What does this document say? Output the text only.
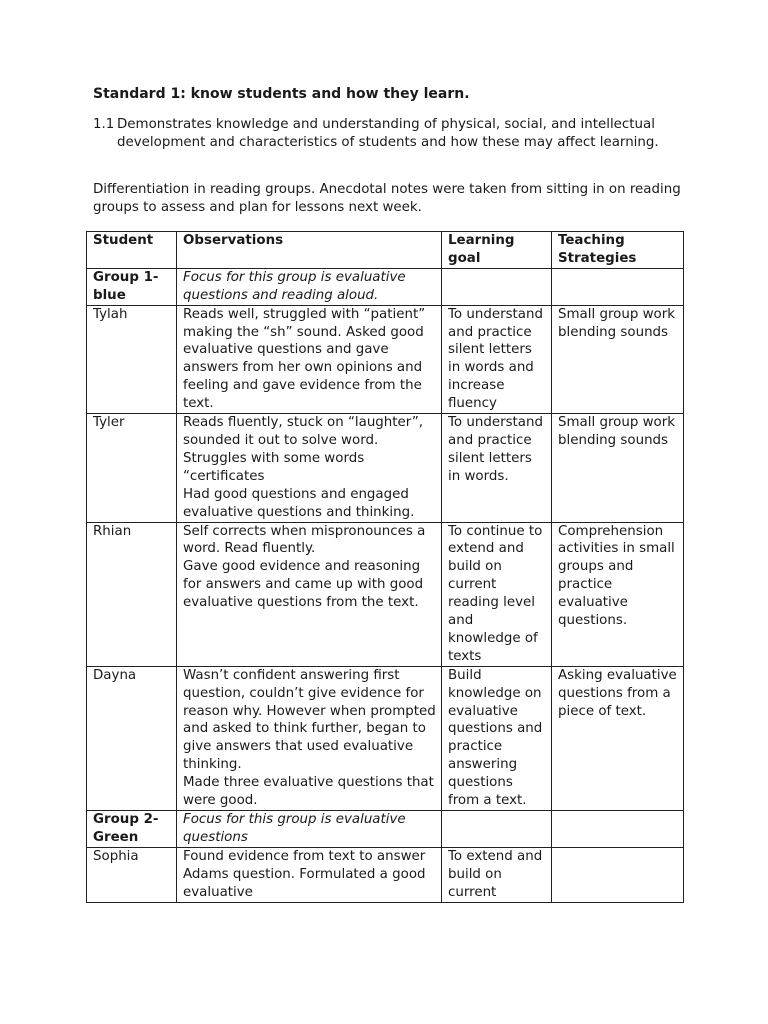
Standard 1: know students and how they learn.
1.1 Demonstrates knowledge and understanding of physical, social, and intellectual development and characteristics of students and how these may affect learning.

Differentiation in reading groups. Anecdotal notes were taken from sitting in on reading groups to assess and plan for lessons next week.

Student	Observations	Learning goal	Teaching Strategies
Group 1- blue	Focus for this group is evaluative questions and reading aloud.		
Tylah	Reads well, struggled with “patient” making the “sh” sound. Asked good evaluative questions and gave answers from her own opinions and feeling and gave evidence from the text.	To understand and practice silent letters in words and increase fluency	Small group work blending sounds
Tyler	Reads fluently, stuck on “laughter”, sounded it out to solve word.
Struggles with some words “certificates
Had good questions and engaged evaluative questions and thinking.	To understand and practice silent letters in words.	Small group work blending sounds
Rhian	Self corrects when mispronounces a word. Read fluently.
Gave good evidence and reasoning for answers and came up with good evaluative questions from the text.	To continue to extend and build on current reading level and knowledge of texts	Comprehension activities in small groups and practice evaluative questions.
Dayna	Wasn’t confident answering first question, couldn’t give evidence for reason why. However when prompted and asked to think further, began to give answers that used evaluative thinking.
Made three evaluative questions that were good.	Build knowledge on evaluative questions and practice answering questions from a text.	Asking evaluative questions from a piece of text.
Group 2- Green	Focus for this group is evaluative questions		
Sophia	Found evidence from text to answer Adams question. Formulated a good evaluative	To extend and build on current	
